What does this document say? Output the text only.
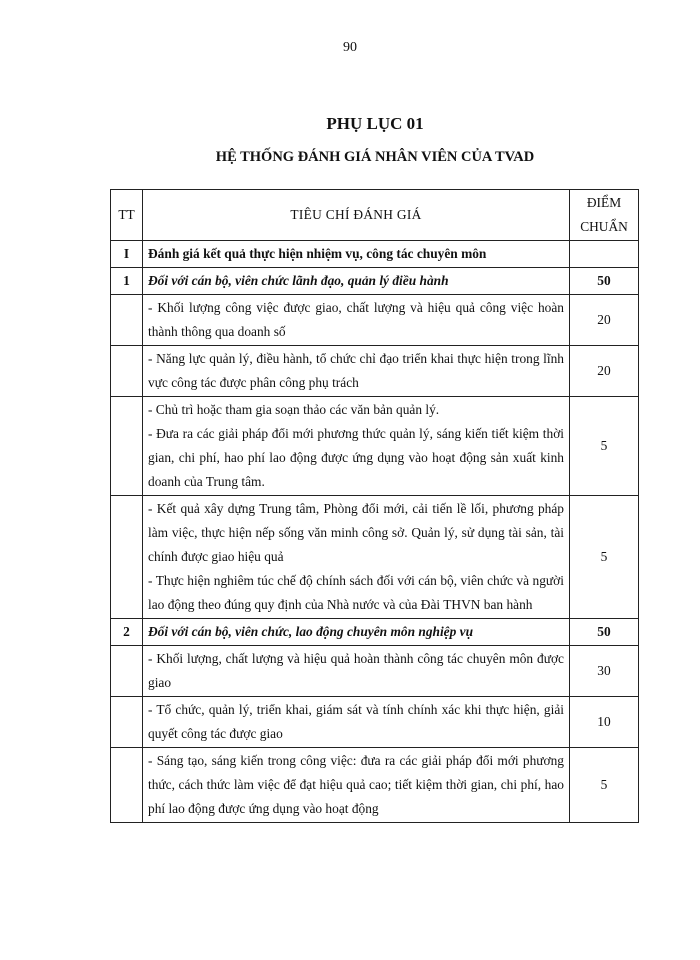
90
PHỤ LỤC 01
HỆ THỐNG ĐÁNH GIÁ NHÂN VIÊN CỦA TVAD
TT	TIÊU CHÍ ĐÁNH GIÁ	ĐIỂM
CHUẨN

I	Đánh giá kết quả thực hiện nhiệm vụ, công tác chuyên môn	

1	Đối với cán bộ, viên chức lãnh đạo, quản lý điều hành	50

	- Khối lượng công việc được giao, chất lượng và hiệu quả công việc hoàn thành thông qua doanh số	20

	- Năng lực quản lý, điều hành, tổ chức chỉ đạo triển khai thực hiện trong lĩnh vực công tác được phân công phụ trách	20

	- Chủ trì hoặc tham gia soạn thảo các văn bản quản lý.
- Đưa ra các giải pháp đổi mới phương thức quản lý, sáng kiến tiết kiệm thời gian, chi phí, hao phí lao động được ứng dụng vào hoạt động sản xuất kinh doanh của Trung tâm.	5

	- Kết quả xây dựng Trung tâm, Phòng đổi mới, cải tiến lề lối, phương pháp làm việc, thực hiện nếp sống văn minh công sở. Quản lý, sử dụng tài sản, tài chính được giao hiệu quả
- Thực hiện nghiêm túc chế độ chính sách đối với cán bộ, viên chức và người lao động theo đúng quy định của Nhà nước và của Đài THVN ban hành	5
2	Đối với cán bộ, viên chức, lao động chuyên môn nghiệp vụ	50

	- Khối lượng, chất lượng và hiệu quả hoàn thành công tác chuyên môn được giao	30

	- Tổ chức, quản lý, triển khai, giám sát và tính chính xác khi thực hiện, giải quyết công tác được giao	10

	- Sáng tạo, sáng kiến trong công việc: đưa ra các giải pháp đổi mới phương thức, cách thức làm việc để đạt hiệu quả cao; tiết kiệm thời gian, chi phí, hao phí lao động được ứng dụng vào hoạt động	5
